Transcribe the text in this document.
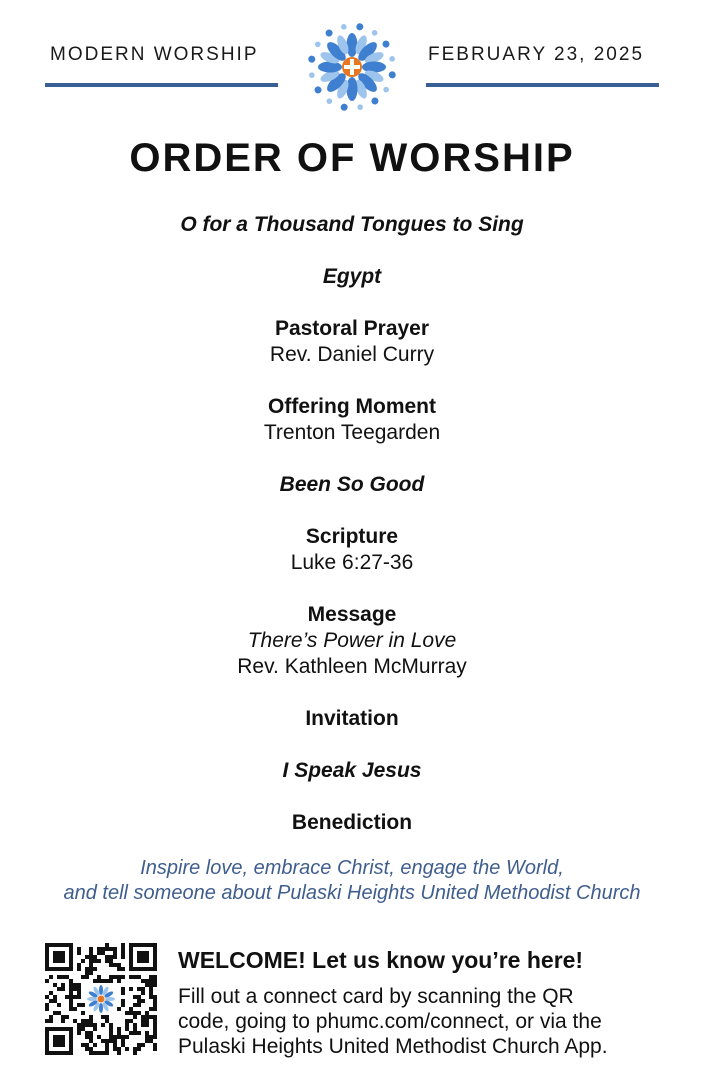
MODERN WORSHIP	FEBRUARY 23, 2025
ORDER OF WORSHIP
O for a Thousand Tongues to Sing
Egypt
Pastoral Prayer
Rev. Daniel Curry
Offering Moment
Trenton Teegarden
Been So Good
Scripture
Luke 6:27-36
Message
There’s Power in Love
Rev. Kathleen McMurray
Invitation
I Speak Jesus
Benediction
Inspire love, embrace Christ, engage the World,
and tell someone about Pulaski Heights United Methodist Church
WELCOME! Let us know you’re here!
Fill out a connect card by scanning the QR
code, going to phumc.com/connect, or via the
Pulaski Heights United Methodist Church App.
